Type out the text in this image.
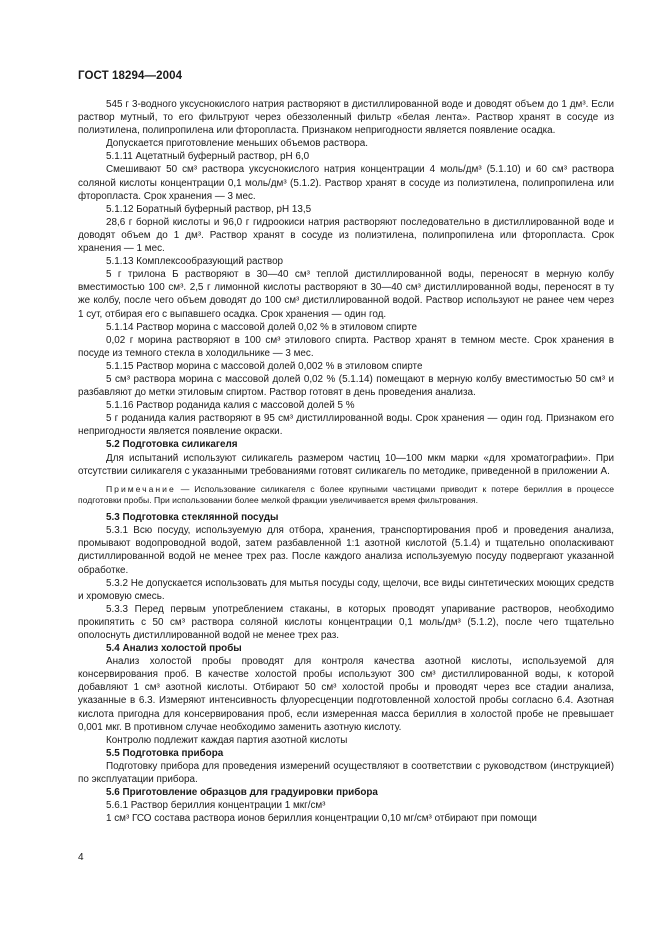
ГОСТ 18294—2004

545 г 3-водного уксуснокислого натрия растворяют в дистиллированной воде и доводят объем до 1 дм³. Если раствор мутный, то его фильтруют через обеззоленный фильтр «белая лента». Раствор хранят в сосуде из полиэтилена, полипропилена или фторопласта. Признаком непригодности является появление осадка.

Допускается приготовление меньших объемов раствора.

5.1.11 Ацетатный буферный раствор, pH 6,0

Смешивают 50 см³ раствора уксуснокислого натрия концентрации 4 моль/дм³ (5.1.10) и 60 см³ раствора соляной кислоты концентрации 0,1 моль/дм³ (5.1.2). Раствор хранят в сосуде из полиэтилена, полипропилена или фторопласта. Срок хранения — 3 мес.

5.1.12 Боратный буферный раствор, pH 13,5

28,6 г борной кислоты и 96,0 г гидроокиси натрия растворяют последовательно в дистиллированной воде и доводят объем до 1 дм³. Раствор хранят в сосуде из полиэтилена, полипропилена или фторопласта. Срок хранения — 1 мес.

5.1.13 Комплексообразующий раствор

5 г трилона Б растворяют в 30—40 см³ теплой дистиллированной воды, переносят в мерную колбу вместимостью 100 см³. 2,5 г лимонной кислоты растворяют в 30—40 см³ дистиллированной воды, переносят в ту же колбу, после чего объем доводят до 100 см³ дистиллированной водой. Раствор используют не ранее чем через 1 сут, отбирая его с выпавшего осадка. Срок хранения — один год.

5.1.14 Раствор морина с массовой долей 0,02 % в этиловом спирте

0,02 г морина растворяют в 100 см³ этилового спирта. Раствор хранят в темном месте. Срок хранения в посуде из темного стекла в холодильнике — 3 мес.

5.1.15 Раствор морина с массовой долей 0,002 % в этиловом спирте

5 см³ раствора морина с массовой долей 0,02 % (5.1.14) помещают в мерную колбу вместимостью 50 см³ и разбавляют до метки этиловым спиртом. Раствор готовят в день проведения анализа.

5.1.16 Раствор роданида калия с массовой долей 5 %

5 г роданида калия растворяют в 95 см³ дистиллированной воды. Срок хранения — один год. Признаком его непригодности является появление окраски.

5.2 Подготовка силикагеля

Для испытаний используют силикагель размером частиц 10—100 мкм марки «для хроматографии». При отсутствии силикагеля с указанными требованиями готовят силикагель по методике, приведенной в приложении А.

Примечание — Использование силикагеля с более крупными частицами приводит к потере бериллия в процессе подготовки пробы. При использовании более мелкой фракции увеличивается время фильтрования.

5.3 Подготовка стеклянной посуды

5.3.1 Всю посуду, используемую для отбора, хранения, транспортирования проб и проведения анализа, промывают водопроводной водой, затем разбавленной 1:1 азотной кислотой (5.1.4) и тщательно ополаскивают дистиллированной водой не менее трех раз. После каждого анализа используемую посуду подвергают указанной обработке.

5.3.2 Не допускается использовать для мытья посуды соду, щелочи, все виды синтетических моющих средств и хромовую смесь.

5.3.3 Перед первым употреблением стаканы, в которых проводят упаривание растворов, необходимо прокипятить с 50 см³ раствора соляной кислоты концентрации 0,1 моль/дм³ (5.1.2), после чего тщательно ополоснуть дистиллированной водой не менее трех раз.

5.4 Анализ холостой пробы

Анализ холостой пробы проводят для контроля качества азотной кислоты, используемой для консервирования проб. В качестве холостой пробы используют 300 см³ дистиллированной воды, к которой добавляют 1 см³ азотной кислоты. Отбирают 50 см³ холостой пробы и проводят через все стадии анализа, указанные в 6.3. Измеряют интенсивность флуоресценции подготовленной холостой пробы согласно 6.4. Азотная кислота пригодна для консервирования проб, если измеренная масса бериллия в холостой пробе не превышает 0,001 мкг. В противном случае необходимо заменить азотную кислоту.

Контролю подлежит каждая партия азотной кислоты

5.5 Подготовка прибора

Подготовку прибора для проведения измерений осуществляют в соответствии с руководством (инструкцией) по эксплуатации прибора.

5.6 Приготовление образцов для градуировки прибора

5.6.1 Раствор бериллия концентрации 1 мкг/см³

1 см³ ГСО состава раствора ионов бериллия концентрации 0,10 мг/см³ отбирают при помощи

4
